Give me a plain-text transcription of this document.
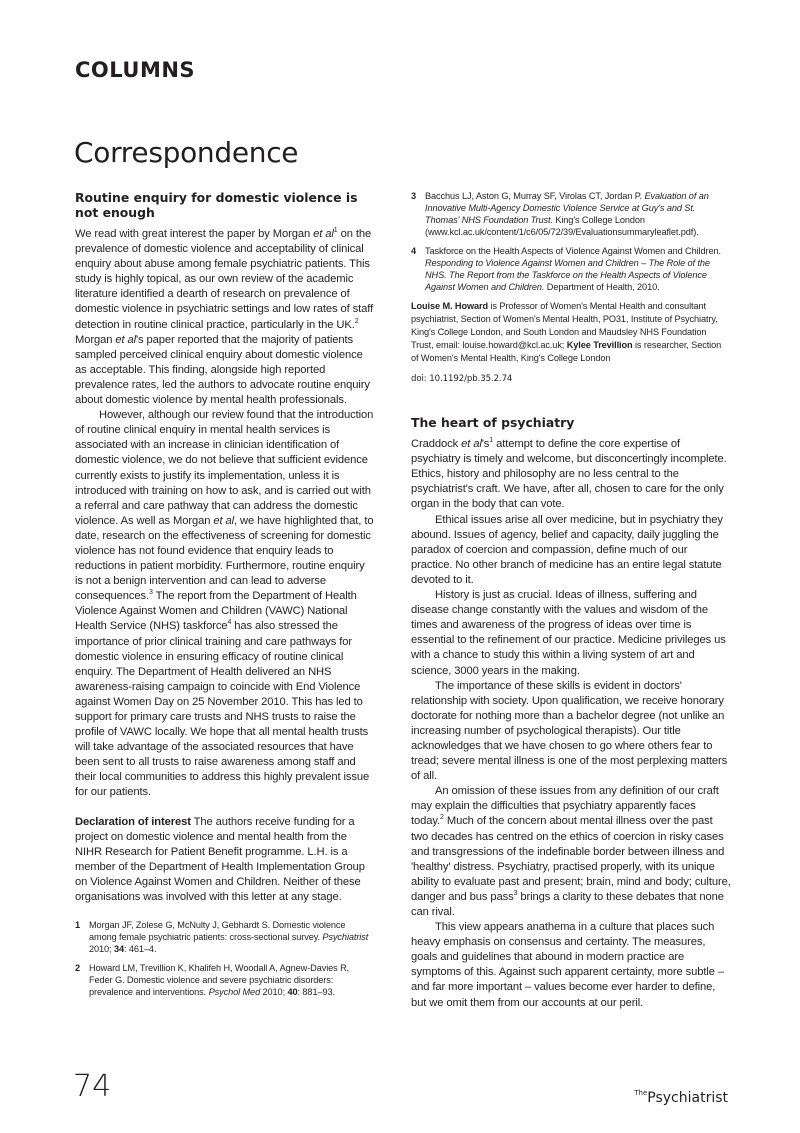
COLUMNS
Correspondence
Routine enquiry for domestic violence is not enough

We read with great interest the paper by Morgan et $al^1$ on the prevalence of domestic violence and acceptability of clinical enquiry about abuse among female psychiatric patients. This study is highly topical, as our own review of the academic literature identified a dearth of research on prevalence of domestic violence in psychiatric settings and low rates of staff detection in routine clinical practice, particularly in the UK.$^2$ Morgan et al's paper reported that the majority of patients sampled perceived clinical enquiry about domestic violence as acceptable. This finding, alongside high reported prevalence rates, led the authors to advocate routine enquiry about domestic violence by mental health professionals.

However, although our review found that the introduction of routine clinical enquiry in mental health services is associated with an increase in clinician identification of domestic violence, we do not believe that sufficient evidence currently exists to justify its implementation, unless it is introduced with training on how to ask, and is carried out with a referral and care pathway that can address the domestic violence. As well as Morgan et al, we have highlighted that, to date, research on the effectiveness of screening for domestic violence has not found evidence that enquiry leads to reductions in patient morbidity. Furthermore, routine enquiry is not a benign intervention and can lead to adverse consequences.$^3$ The report from the Department of Health Violence Against Women and Children (VAWC) National Health Service (NHS) taskforce$^4$ has also stressed the importance of prior clinical training and care pathways for domestic violence in ensuring efficacy of routine clinical enquiry. The Department of Health delivered an NHS awareness-raising campaign to coincide with End Violence against Women Day on 25 November 2010. This has led to support for primary care trusts and NHS trusts to raise the profile of VAWC locally. We hope that all mental health trusts will take advantage of the associated resources that have been sent to all trusts to raise awareness among staff and their local communities to address this highly prevalent issue for our patients.

Declaration of interest The authors receive funding for a project on domestic violence and mental health from the NIHR Research for Patient Benefit programme. L.H. is a member of the Department of Health Implementation Group on Violence Against Women and Children. Neither of these organisations was involved with this letter at any stage.

1 Morgan JF, Zolese G, McNulty J, Gebhardt S. Domestic violence among female psychiatric patients: cross-sectional survey. Psychiatrist 2010; 34: 461–4.
2 Howard LM, Trevillion K, Khalifeh H, Woodall A, Agnew-Davies R, Feder G. Domestic violence and severe psychiatric disorders: prevalence and interventions. Psychol Med 2010; 40: 881–93.
3 Bacchus LJ, Aston G, Murray SF, Virolas CT, Jordan P. Evaluation of an Innovative Multi-Agency Domestic Violence Service at Guy's and St. Thomas' NHS Foundation Trust. King's College London (www.kcl.ac.uk/content/1/c6/05/72/39/Evaluationsummaryleaflet.pdf).
4 Taskforce on the Health Aspects of Violence Against Women and Children. Responding to Violence Against Women and Children – The Role of the NHS. The Report from the Taskforce on the Health Aspects of Violence Against Women and Children. Department of Health, 2010.

Louise M. Howard is Professor of Women's Mental Health and consultant psychiatrist, Section of Women's Mental Health, PO31, Institute of Psychiatry, King's College London, and South London and Maudsley NHS Foundation Trust, email: louise.howard@kcl.ac.uk; Kylee Trevillion is researcher, Section of Women's Mental Health, King's College London

doi: 10.1192/pb.35.2.74
The heart of psychiatry

Craddock et $al's^1$ attempt to define the core expertise of psychiatry is timely and welcome, but disconcertingly incomplete. Ethics, history and philosophy are no less central to the psychiatrist's craft. We have, after all, chosen to care for the only organ in the body that can vote.

Ethical issues arise all over medicine, but in psychiatry they abound. Issues of agency, belief and capacity, daily juggling the paradox of coercion and compassion, define much of our practice. No other branch of medicine has an entire legal statute devoted to it.

History is just as crucial. Ideas of illness, suffering and disease change constantly with the values and wisdom of the times and awareness of the progress of ideas over time is essential to the refinement of our practice. Medicine privileges us with a chance to study this within a living system of art and science, 3000 years in the making.

The importance of these skills is evident in doctors' relationship with society. Upon qualification, we receive honorary doctorate for nothing more than a bachelor degree (not unlike an increasing number of psychological therapists). Our title acknowledges that we have chosen to go where others fear to tread; severe mental illness is one of the most perplexing matters of all.

An omission of these issues from any definition of our craft may explain the difficulties that psychiatry apparently faces today.$^2$ Much of the concern about mental illness over the past two decades has centred on the ethics of coercion in risky cases and transgressions of the indefinable border between illness and 'healthy' distress. Psychiatry, practised properly, with its unique ability to evaluate past and present; brain, mind and body; culture, danger and bus pass$^3$ brings a clarity to these debates that none can rival.

This view appears anathema in a culture that places such heavy emphasis on consensus and certainty. The measures, goals and guidelines that abound in modern practice are symptoms of this. Against such apparent certainty, more subtle – and far more important – values become ever harder to define, but we omit them from our accounts at our peril.

74	$^{The}$Psychiatrist
